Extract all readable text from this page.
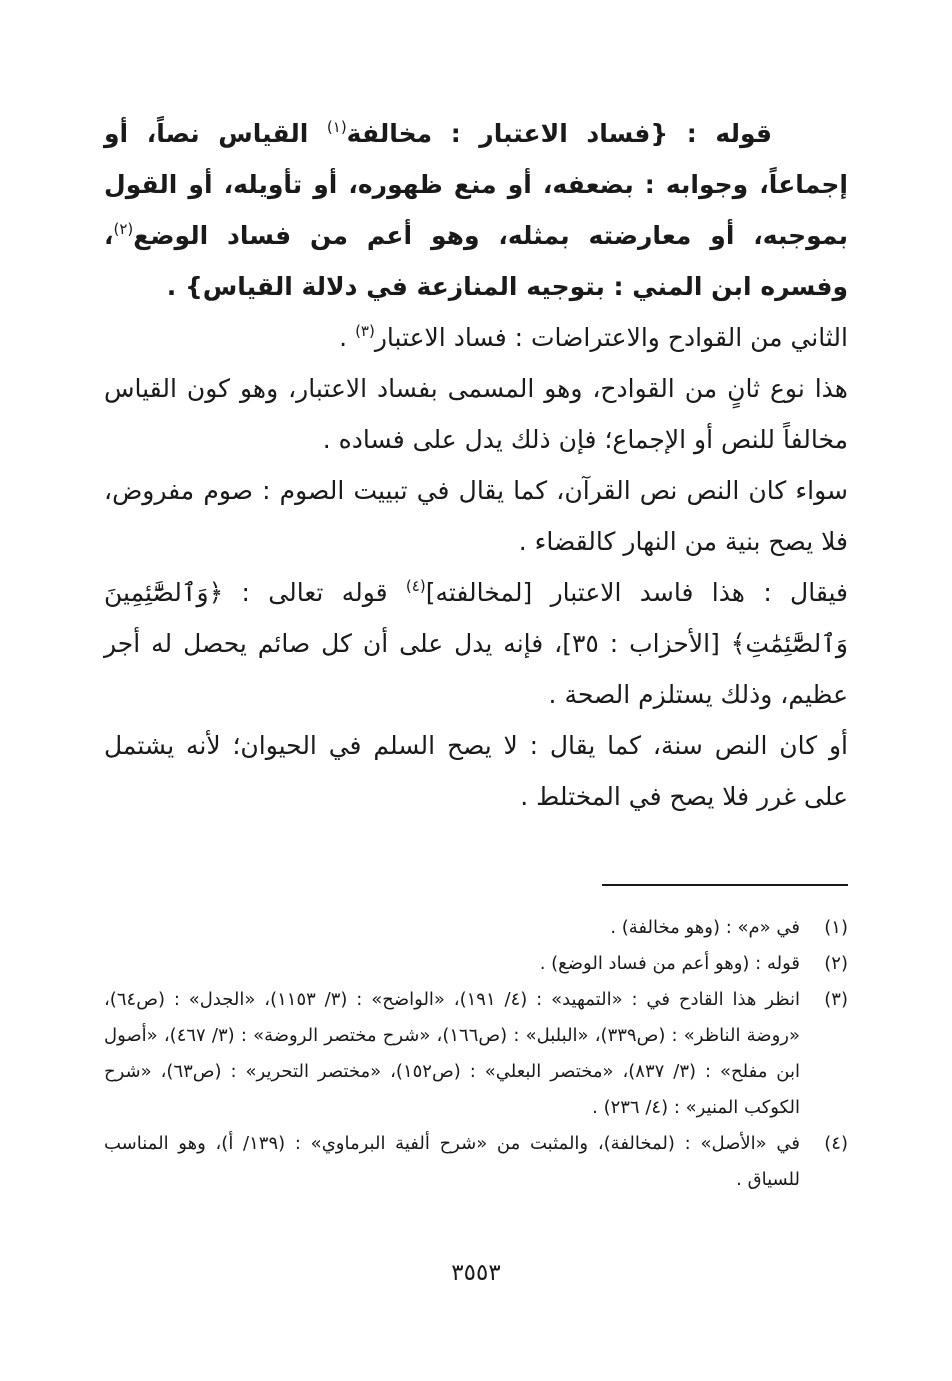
قوله : {فساد الاعتبار : مخالفة$^{(١)}$ القياس نصاً، أو إجماعاً، وجوابه : بضعفه، أو منع ظهوره، أو تأويله، أو القول بموجبه، أو معارضته بمثله، وهو أعم من فساد الوضع$^{(٢)}$، وفسره ابن المني : بتوجيه المنازعة في دلالة القياس} .

الثاني من القوادح والاعتراضات : فساد الاعتبار$^{(٣)}$ .

هذا نوع ثانٍ من القوادح، وهو المسمى بفساد الاعتبار، وهو كون القياس مخالفاً للنص أو الإجماع؛ فإن ذلك يدل على فساده .

سواء كان النص نص القرآن، كما يقال في تبييت الصوم : صوم مفروض، فلا يصح بنية من النهار كالقضاء .

فيقال : هذا فاسد الاعتبار [لمخالفته]$^{(٤)}$ قوله تعالى : ﴿وَٱلصَّٰٓئِمِينَ وَٱلصَّٰٓئِمَٰتِ﴾ [الأحزاب : ٣٥]، فإنه يدل على أن كل صائم يحصل له أجر عظيم، وذلك يستلزم الصحة .

أو كان النص سنة، كما يقال : لا يصح السلم في الحيوان؛ لأنه يشتمل على غرر فلا يصح في المختلط .

(١)
في «م» : (وهو مخالفة) .
(٢)
قوله : (وهو أعم من فساد الوضع) .
(٣)
انظر هذا القادح في : «التمهيد» : (٤/ ١٩١)، «الواضح» : (٣/ ١١٥٣)، «الجدل» : (ص٦٤)، «روضة الناظر» : (ص٣٣٩)، «البلبل» : (ص١٦٦)، «شرح مختصر الروضة» : (٣/ ٤٦٧)، «أصول ابن مفلح» : (٣/ ٨٣٧)، «مختصر البعلي» : (ص١٥٢)، «مختصر التحرير» : (ص٦٣)، «شرح الكوكب المنير» : (٤/ ٢٣٦) .
(٤)
في «الأصل» : (لمخالفة)، والمثبت من «شرح ألفية البرماوي» : (١٣٩/ أ)، وهو المناسب للسياق .
٣٥٥٣
